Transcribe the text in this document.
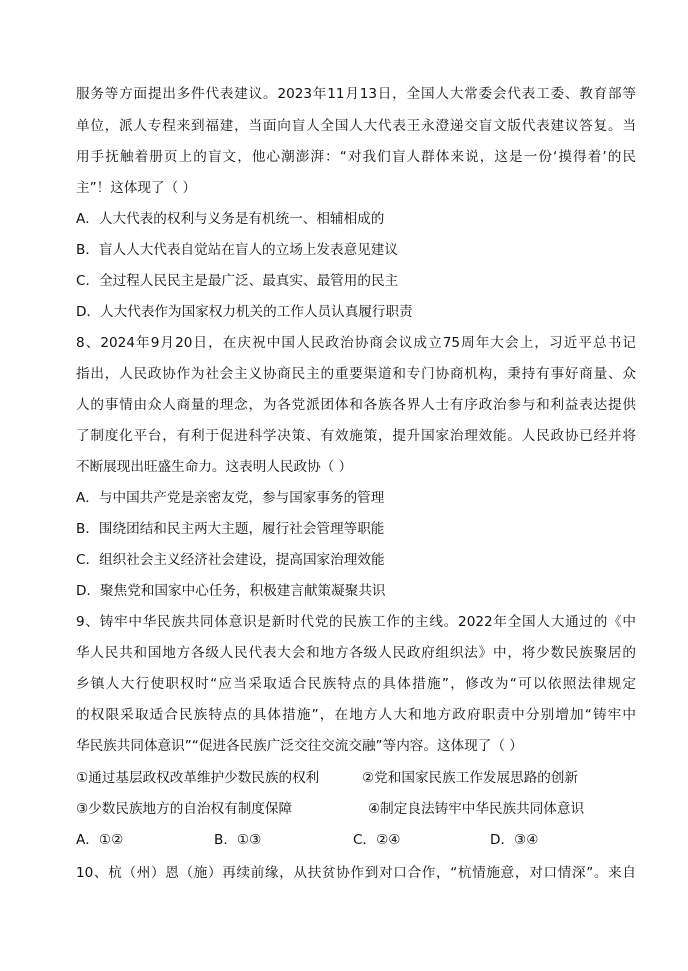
服务等方面提出多件代表建议。2023年11月13日，全国人大常委会代表工委、教育部等
单位，派人专程来到福建，当面向盲人全国人大代表王永澄递交盲文版代表建议答复。当
用手抚触着册页上的盲文，他心潮澎湃：“对我们盲人群体来说，这是一份‘摸得着’的民
主”！这体现了（ ）
A．人大代表的权利与义务是有机统一、相辅相成的
B．盲人人大代表自觉站在盲人的立场上发表意见建议
C．全过程人民民主是最广泛、最真实、最管用的民主
D．人大代表作为国家权力机关的工作人员认真履行职责
8、2024年9月20日，在庆祝中国人民政治协商会议成立75周年大会上，习近平总书记
指出，人民政协作为社会主义协商民主的重要渠道和专门协商机构，秉持有事好商量、众
人的事情由众人商量的理念，为各党派团体和各族各界人士有序政治参与和利益表达提供
了制度化平台，有利于促进科学决策、有效施策，提升国家治理效能。人民政协已经并将
不断展现出旺盛生命力。这表明人民政协（ ）
A．与中国共产党是亲密友党，参与国家事务的管理
B．围绕团结和民主两大主题，履行社会管理等职能
C．组织社会主义经济社会建设，提高国家治理效能
D．聚焦党和国家中心任务，积极建言献策凝聚共识
9、铸牢中华民族共同体意识是新时代党的民族工作的主线。2022年全国人大通过的《中
华人民共和国地方各级人民代表大会和地方各级人民政府组织法》中，将少数民族聚居的
乡镇人大行使职权时“应当采取适合民族特点的具体措施”，修改为“可以依照法律规定
的权限采取适合民族特点的具体措施”，在地方人大和地方政府职责中分别增加“铸牢中
华民族共同体意识”“促进各民族广泛交往交流交融”等内容。这体现了（ ）
①通过基层政权改革维护少数民族的权利	②党和国家民族工作发展思路的创新
③少数民族地方的自治权有制度保障	④制定良法铸牢中华民族共同体意识
A．①②	B．①③	C．②④	D．③④
10、杭（州）恩（施）再续前缘，从扶贫协作到对口合作，“杭情施意，对口情深”。来自
